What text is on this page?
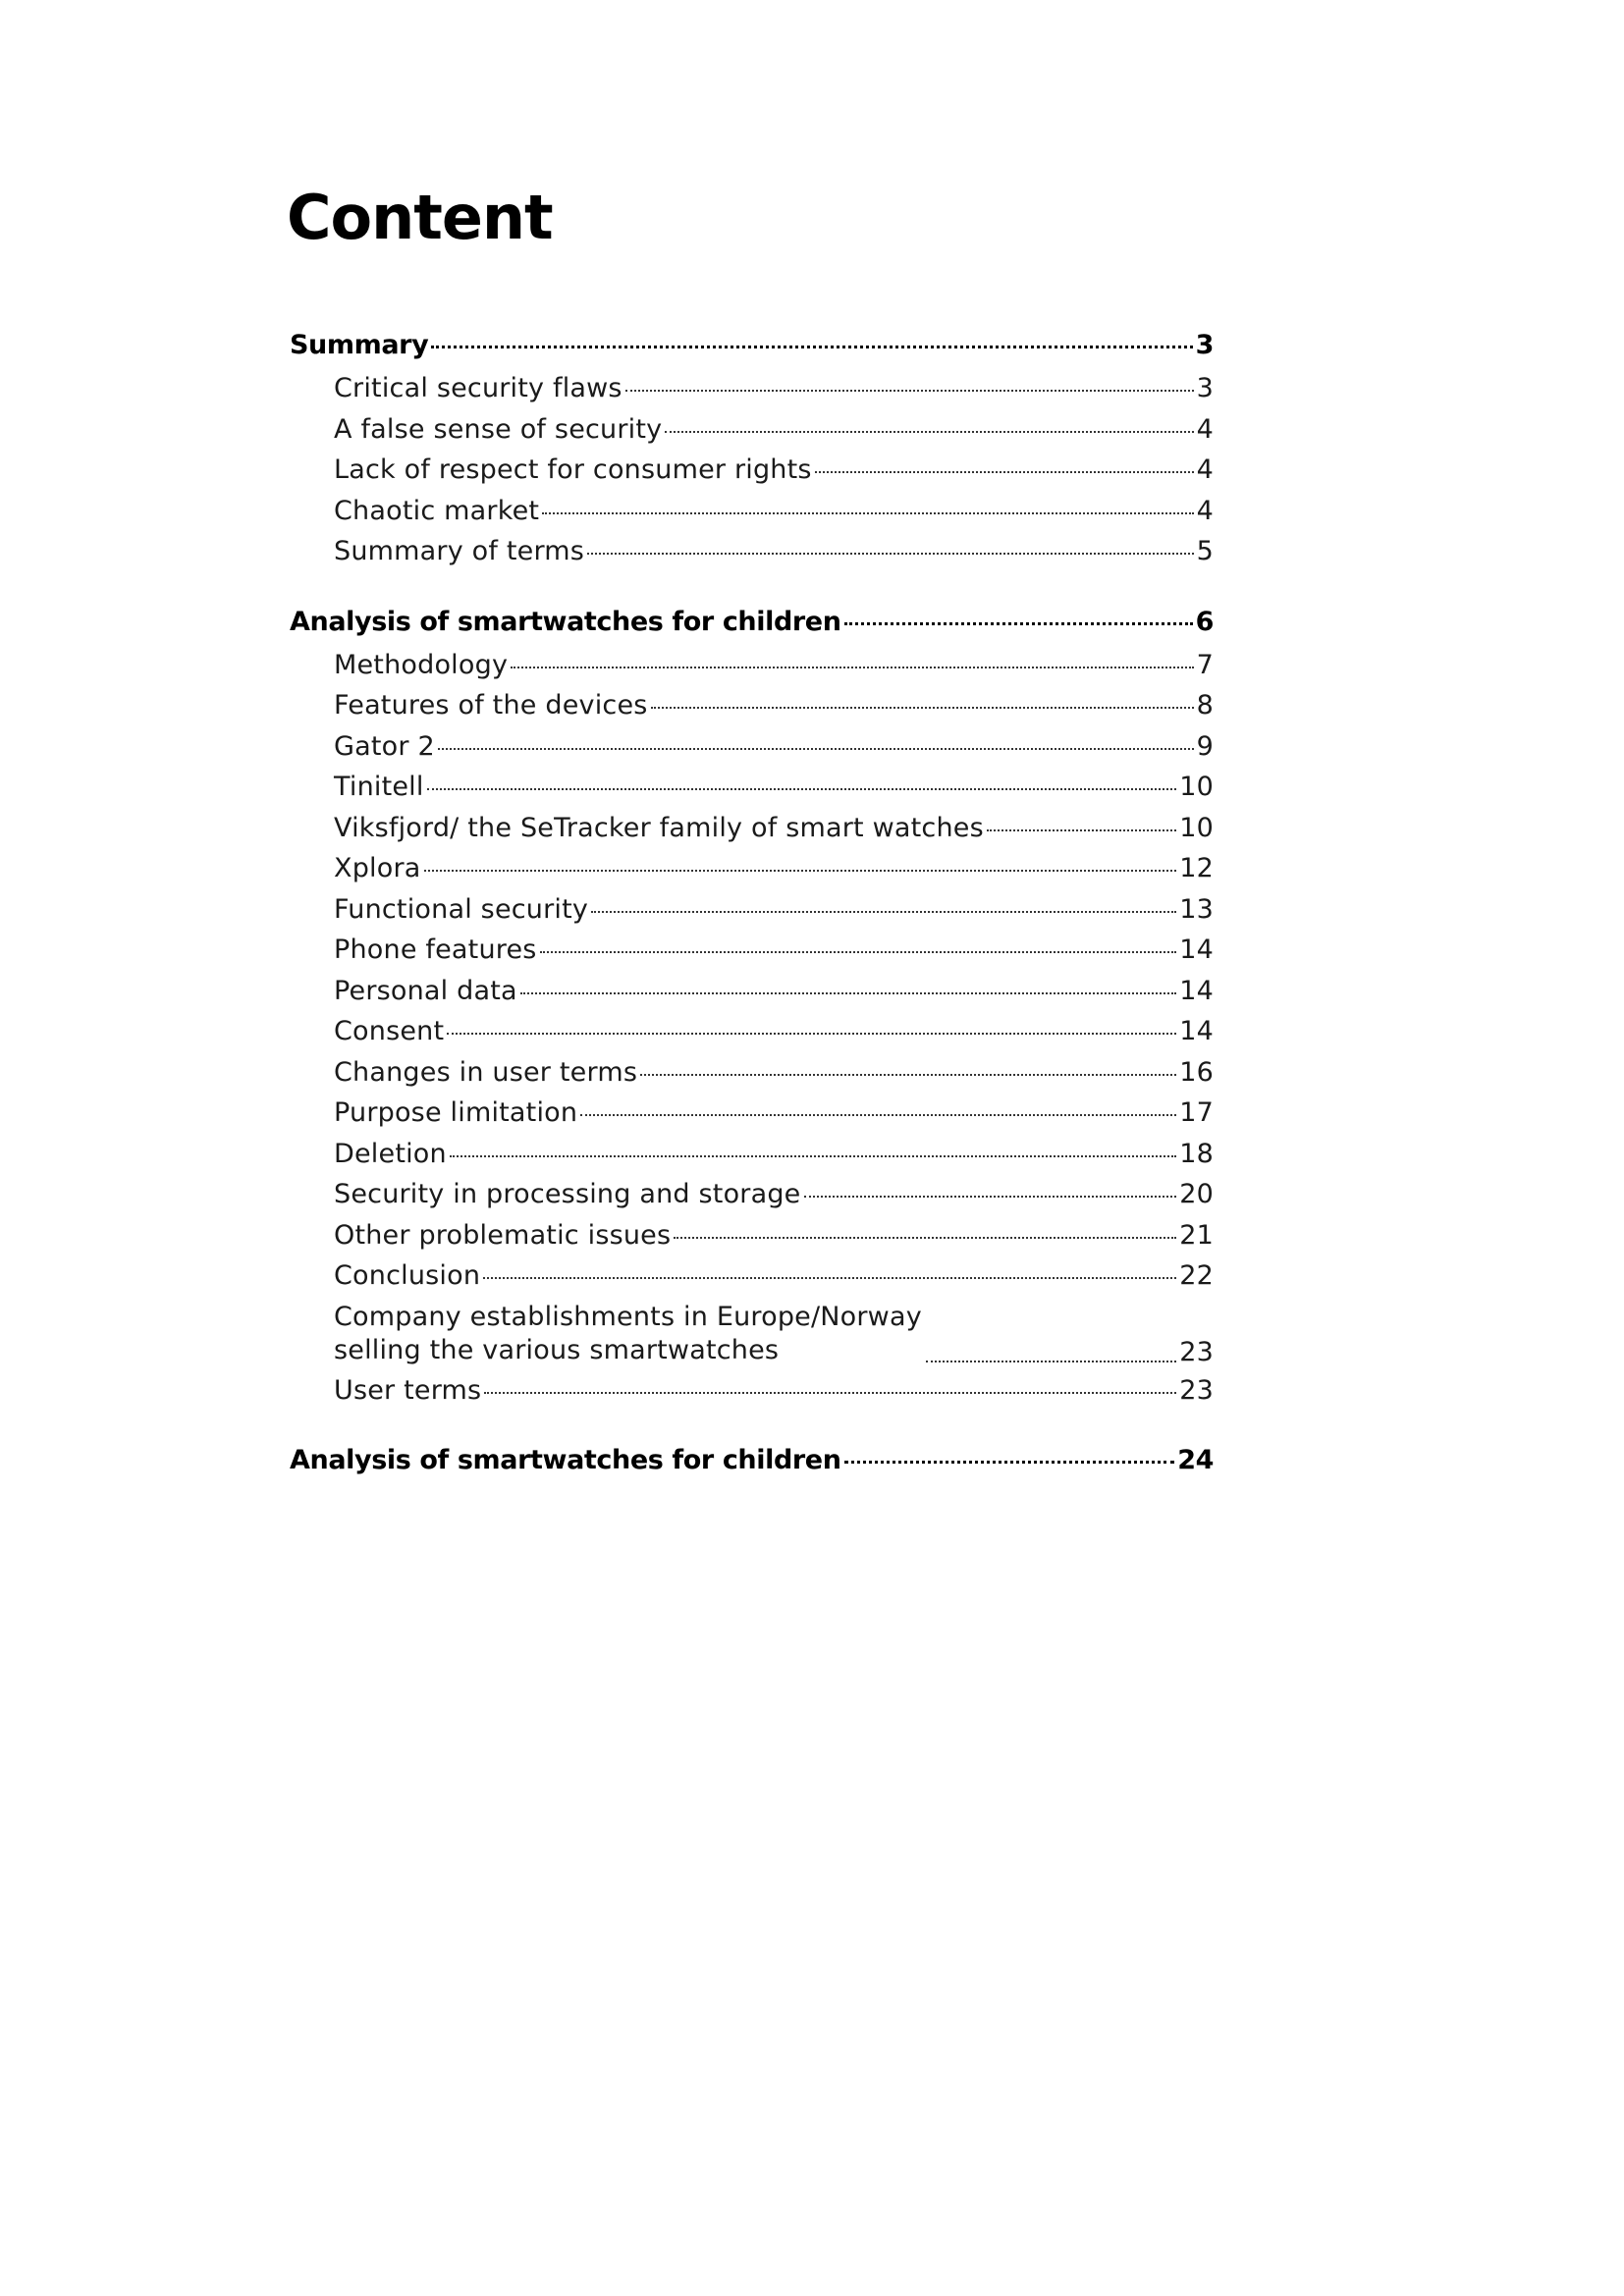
Content
Summary	3
Critical security flaws	3
A false sense of security	4
Lack of respect for consumer rights	4
Chaotic market	4
Summary of terms	5
Analysis of smartwatches for children	6
Methodology	7
Features of the devices	8
Gator 2	9
Tinitell	10
Viksfjord/ the SeTracker family of smart watches	10
Xplora	12
Functional security	13
Phone features	14
Personal data	14
Consent	14
Changes in user terms	16
Purpose limitation	17
Deletion	18
Security in processing and storage	20
Other problematic issues	21
Conclusion	22
Company establishments in Europe/Norway selling the various smartwatches	23
User terms	23
Analysis of smartwatches for children	24
